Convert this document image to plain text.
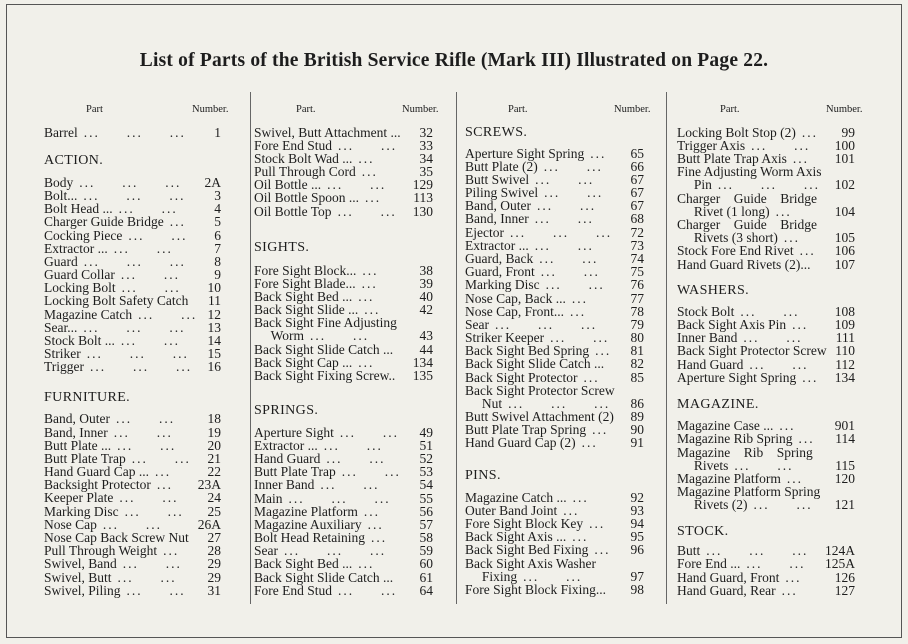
List of Parts of the British Service Rifle (Mark III) Illustrated on Page 22.
Part	Number.	Part.	Number.	Part.	Number.	Part.	Number.
Barrel ...     ...     ... 1
ACTION.
Body ...     ...     ... 2A
Bolt... ...     ...     ... 3
Bolt Head ... ...     ...	4
Charger Guide Bridge ... 5
Cocking Piece ...     ... 6
Extractor ... ...     ...	7
Guard ...     ...     ... 8
Guard Collar ...     ...	9
Locking Bolt ...     ... 10
Locking Bolt Safety Catch 11
Magazine Catch ...     ... 12
Sear... ...     ...     ... 13
Stock Bolt ... ...     ... 14
Striker ...     ...     ... 15
Trigger ...     ...     ... 16
FURNITURE.
Band, Outer ...     ... 18
Band, Inner ...     ...	19
Butt Plate ... ...     ... 20
Butt Plate Trap ...     ... 21
Hand Guard Cap ... ...	22
Backsight Protector ... 23A
Keeper Plate ...     ... 24
Marking Disc ...     ... 25
Nose Cap ...     ...	26A
Nose Cap Back Screw Nut 27
Pull Through Weight ... 28
Swivel, Band ...     ... 29
Swivel, Butt ...     ... 29
Swivel, Piling ...     ... 31
Swivel, Butt Attachment ... 32
Fore End Stud ...     ... 33
Stock Bolt Wad ... ...	34
Pull Through Cord ...	35
Oil Bottle ... ...     ... 129
Oil Bottle Spoon ... ... 113
Oil Bottle Top ...     ... 130
SIGHTS.
Fore Sight Block... ...	38
Fore Sight Blade... ...	39
Back Sight Bed ... ...	40
Back Sight Slide ... ...	42
Back Sight Fine Adjusting
Worm ...     ...	43
Back Sight Slide Catch ... 44
Back Sight Cap ... ...	134
Back Sight Fixing Screw.. 135
SPRINGS.
Aperture Sight ...     ... 49
Extractor ... ...     ...	51
Hand Guard ...     ...	52
Butt Plate Trap ...     ... 53
Inner Band ...     ...	54
Main ...     ...     ... 55
Magazine Platform ...	56
Magazine Auxiliary ...	57
Bolt Head Retaining ... 58
Sear ...     ...     ... 59
Back Sight Bed ... ...	60
Back Sight Slide Catch ... 61
Fore End Stud ...     ... 64
SCREWS.
Aperture Sight Spring ... 65
Butt Plate (2) ...     ... 66
Butt Swivel ...     ...	67
Piling Swivel ...     ... 67
Band, Outer ...     ...	67
Band, Inner ...     ...	68
Ejector ...     ...     ... 72
Extractor ... ...     ...	73
Guard, Back ...     ... 74
Guard, Front ...     ... 75
Marking Disc ...     ... 76
Nose Cap, Back ... ...	77
Nose Cap, Front... ...	78
Sear ...     ...     ... 79
Striker Keeper ...     ... 80
Back Sight Bed Spring ... 81
Back Sight Slide Catch ... 82
Back Sight Protector ... 85
Back Sight Protector Screw
Nut ...     ...     ... 86
Butt Swivel Attachment (2) 89
Butt Plate Trap Spring ... 90
Hand Guard Cap (2) ... 91
PINS.
Magazine Catch ... ...	92
Outer Band Joint ...	93
Fore Sight Block Key ... 94
Back Sight Axis ... ...	95
Back Sight Bed Fixing ... 96
Back Sight Axis Washer
Fixing ...     ...	97
Fore Sight Block Fixing... 98
Locking Bolt Stop (2) ... 99
Trigger Axis ...     ... 100
Butt Plate Trap Axis ... 101
Fine Adjusting Worm Axis
Pin ...     ...     ... 102
Charger    Guide    Bridge
Rivet (1 long) ...	104
Charger    Guide    Bridge
Rivets (3 short) ...	105
Stock Fore End Rivet ... 106
Hand Guard Rivets (2)... 107
WASHERS.
Stock Bolt ...     ...	108
Back Sight Axis Pin ... 109
Inner Band ...     ... 111
Back Sight Protector Screw 110
Hand Guard ...     ... 112
Aperture Sight Spring ... 134
MAGAZINE.
Magazine Case ... ...	901
Magazine Rib Spring ... 114
Magazine    Rib    Spring
Rivets ...     ...	115
Magazine Platform ... 120
Magazine Platform Spring
Rivets (2) ...     ... 121
STOCK.
Butt ...     ...     ... 124A
Fore End ... ...     ... 125A
Hand Guard, Front ... 126
Hand Guard, Rear ...	127
